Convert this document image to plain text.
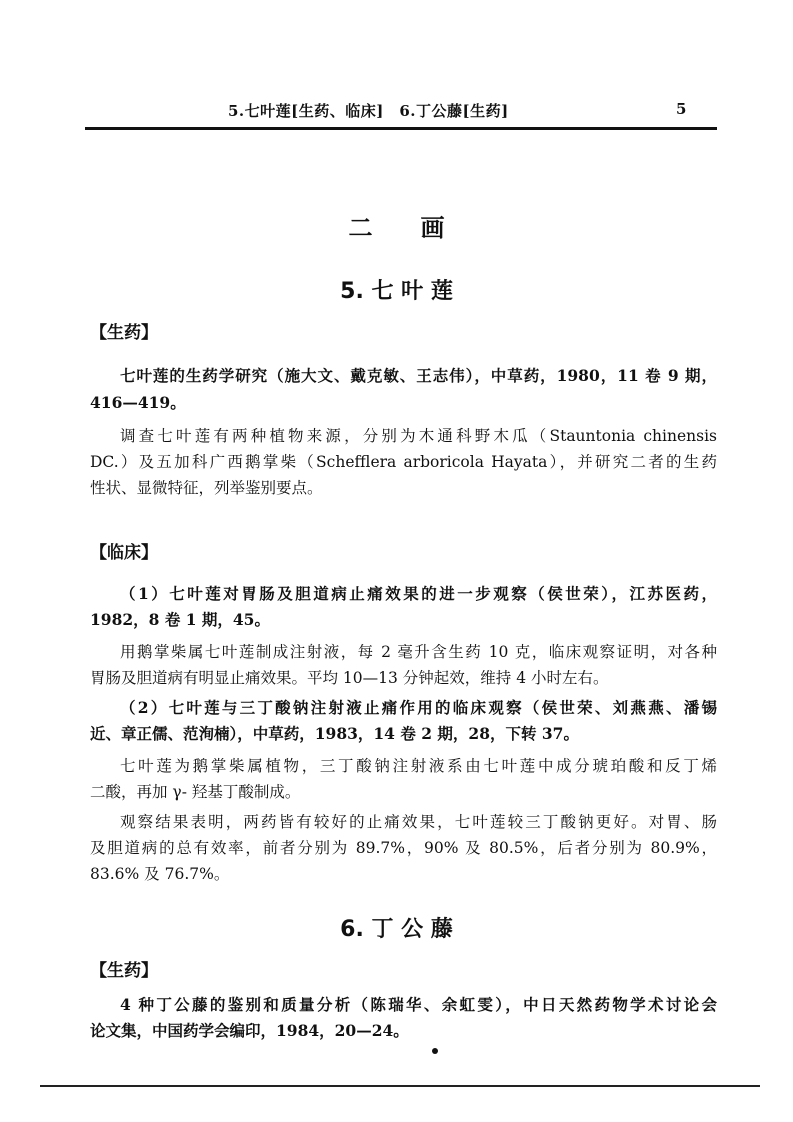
5.七叶莲[生药、临床]　6.丁公藤[生药]	5
二　　画
5. 七 叶 莲
【生药】
七叶莲的生药学研究（施大文、戴克敏、王志伟），中草药，1980，11 卷 9 期，
416—419。
调查七叶莲有两种植物来源，分别为木通科野木瓜（Stauntonia chinensis
DC.）及五加科广西鹅掌柴（Schefflera arboricola Hayata），并研究二者的生药
性状、显微特征，列举鉴别要点。
【临床】
（1）七叶莲对胃肠及胆道病止痛效果的进一步观察（侯世荣），江苏医药，
1982，8 卷 1 期，45。
用鹅掌柴属七叶莲制成注射液，每 2 毫升含生药 10 克，临床观察证明，对各种
胃肠及胆道病有明显止痛效果。平均 10—13 分钟起效，维持 4 小时左右。
（2）七叶莲与三丁酸钠注射液止痛作用的临床观察（侯世荣、刘燕燕、潘锡
近、章正儒、范洵楠），中草药，1983，14 卷 2 期，28，下转 37。
七叶莲为鹅掌柴属植物，三丁酸钠注射液系由七叶莲中成分琥珀酸和反丁烯
二酸，再加 γ- 羟基丁酸制成。
观察结果表明，两药皆有较好的止痛效果，七叶莲较三丁酸钠更好。对胃、肠
及胆道病的总有效率，前者分别为 89.7%，90% 及 80.5%，后者分别为 80.9%，
83.6% 及 76.7%。
6. 丁 公 藤
【生药】
4 种丁公藤的鉴别和质量分析（陈瑞华、余虹雯），中日天然药物学术讨论会
论文集，中国药学会编印，1984，20—24。
